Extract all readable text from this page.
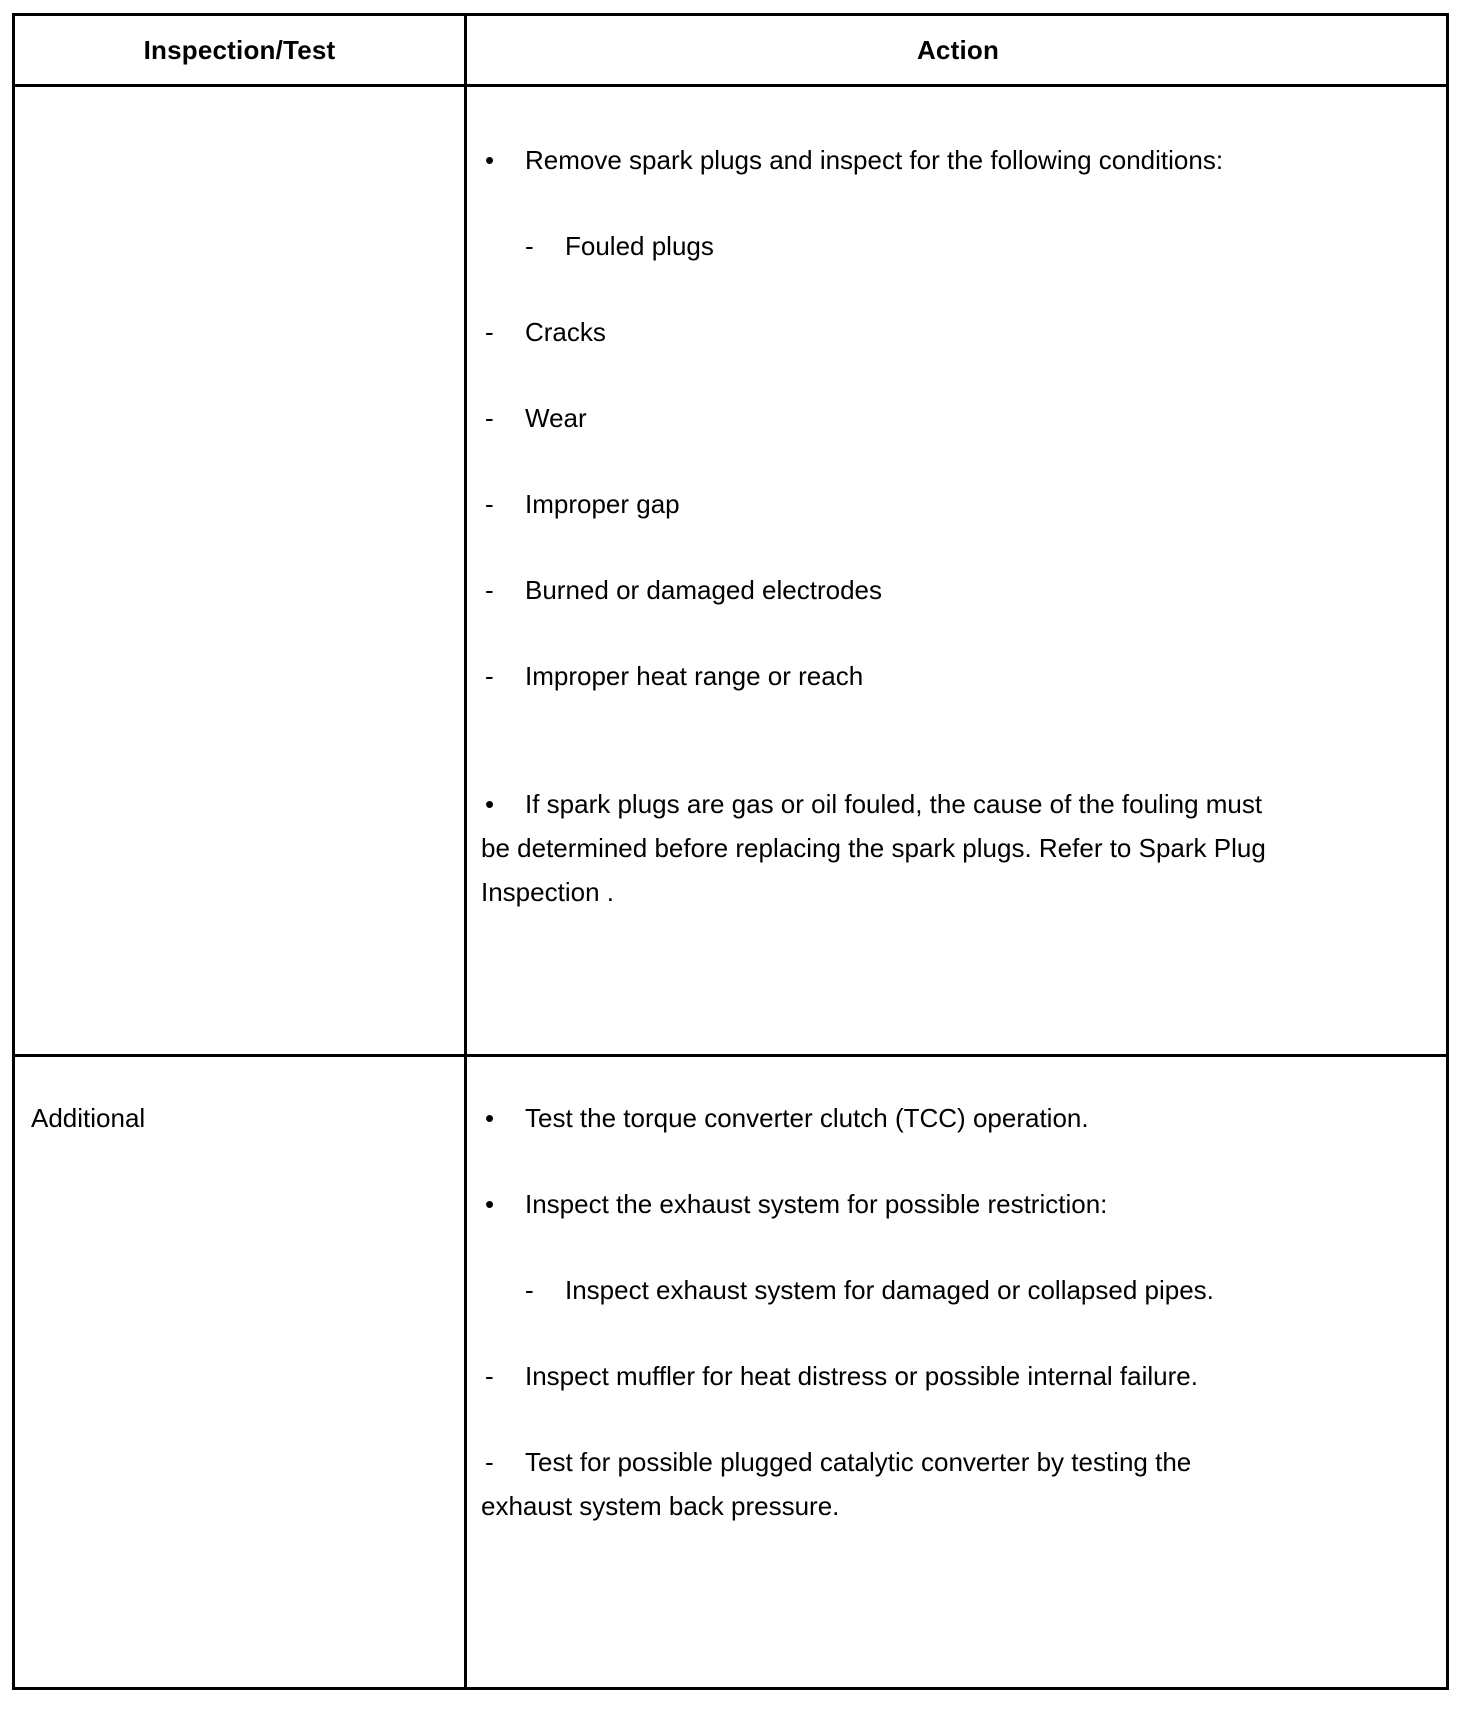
Inspection/Test	Action
Additional
• Remove spark plugs and inspect for the following conditions:
- Fouled plugs
- Cracks
- Wear
- Improper gap
- Burned or damaged electrodes
- Improper heat range or reach
• If spark plugs are gas or oil fouled, the cause of the fouling must
be determined before replacing the spark plugs. Refer to Spark Plug
Inspection .
• Test the torque converter clutch (TCC) operation.
• Inspect the exhaust system for possible restriction:
- Inspect exhaust system for damaged or collapsed pipes.
- Inspect muffler for heat distress or possible internal failure.
- Test for possible plugged catalytic converter by testing the
exhaust system back pressure.
